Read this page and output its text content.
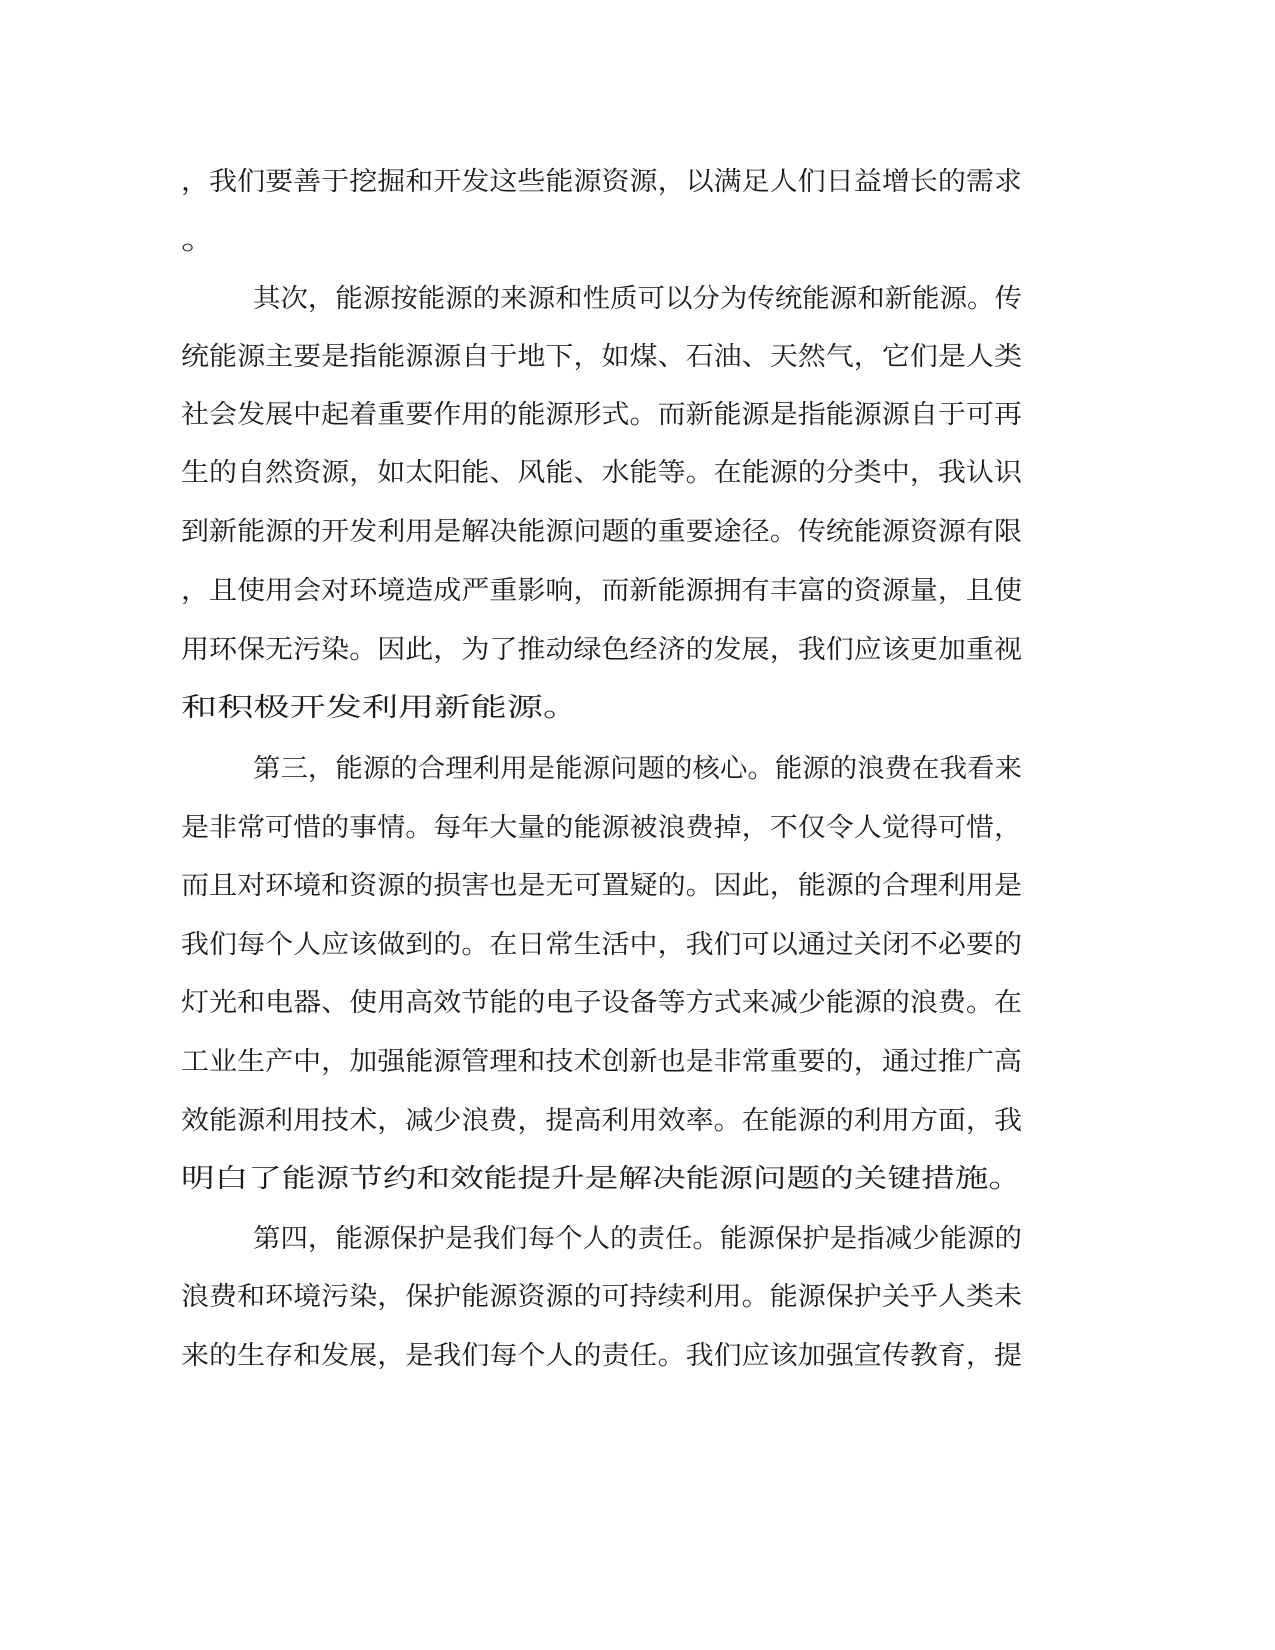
，我们要善于挖掘和开发这些能源资源，以满足人们日益增长的需求
。
其次，能源按能源的来源和性质可以分为传统能源和新能源。传
统能源主要是指能源源自于地下，如煤、石油、天然气，它们是人类
社会发展中起着重要作用的能源形式。而新能源是指能源源自于可再
生的自然资源，如太阳能、风能、水能等。在能源的分类中，我认识
到新能源的开发利用是解决能源问题的重要途径。传统能源资源有限
，且使用会对环境造成严重影响，而新能源拥有丰富的资源量，且使
用环保无污染。因此，为了推动绿色经济的发展，我们应该更加重视
和积极开发利用新能源。
第三，能源的合理利用是能源问题的核心。能源的浪费在我看来
是非常可惜的事情。每年大量的能源被浪费掉，不仅令人觉得可惜，
而且对环境和资源的损害也是无可置疑的。因此，能源的合理利用是
我们每个人应该做到的。在日常生活中，我们可以通过关闭不必要的
灯光和电器、使用高效节能的电子设备等方式来减少能源的浪费。在
工业生产中，加强能源管理和技术创新也是非常重要的，通过推广高
效能源利用技术，减少浪费，提高利用效率。在能源的利用方面，我
明白了能源节约和效能提升是解决能源问题的关键措施。
第四，能源保护是我们每个人的责任。能源保护是指减少能源的
浪费和环境污染，保护能源资源的可持续利用。能源保护关乎人类未
来的生存和发展，是我们每个人的责任。我们应该加强宣传教育，提
